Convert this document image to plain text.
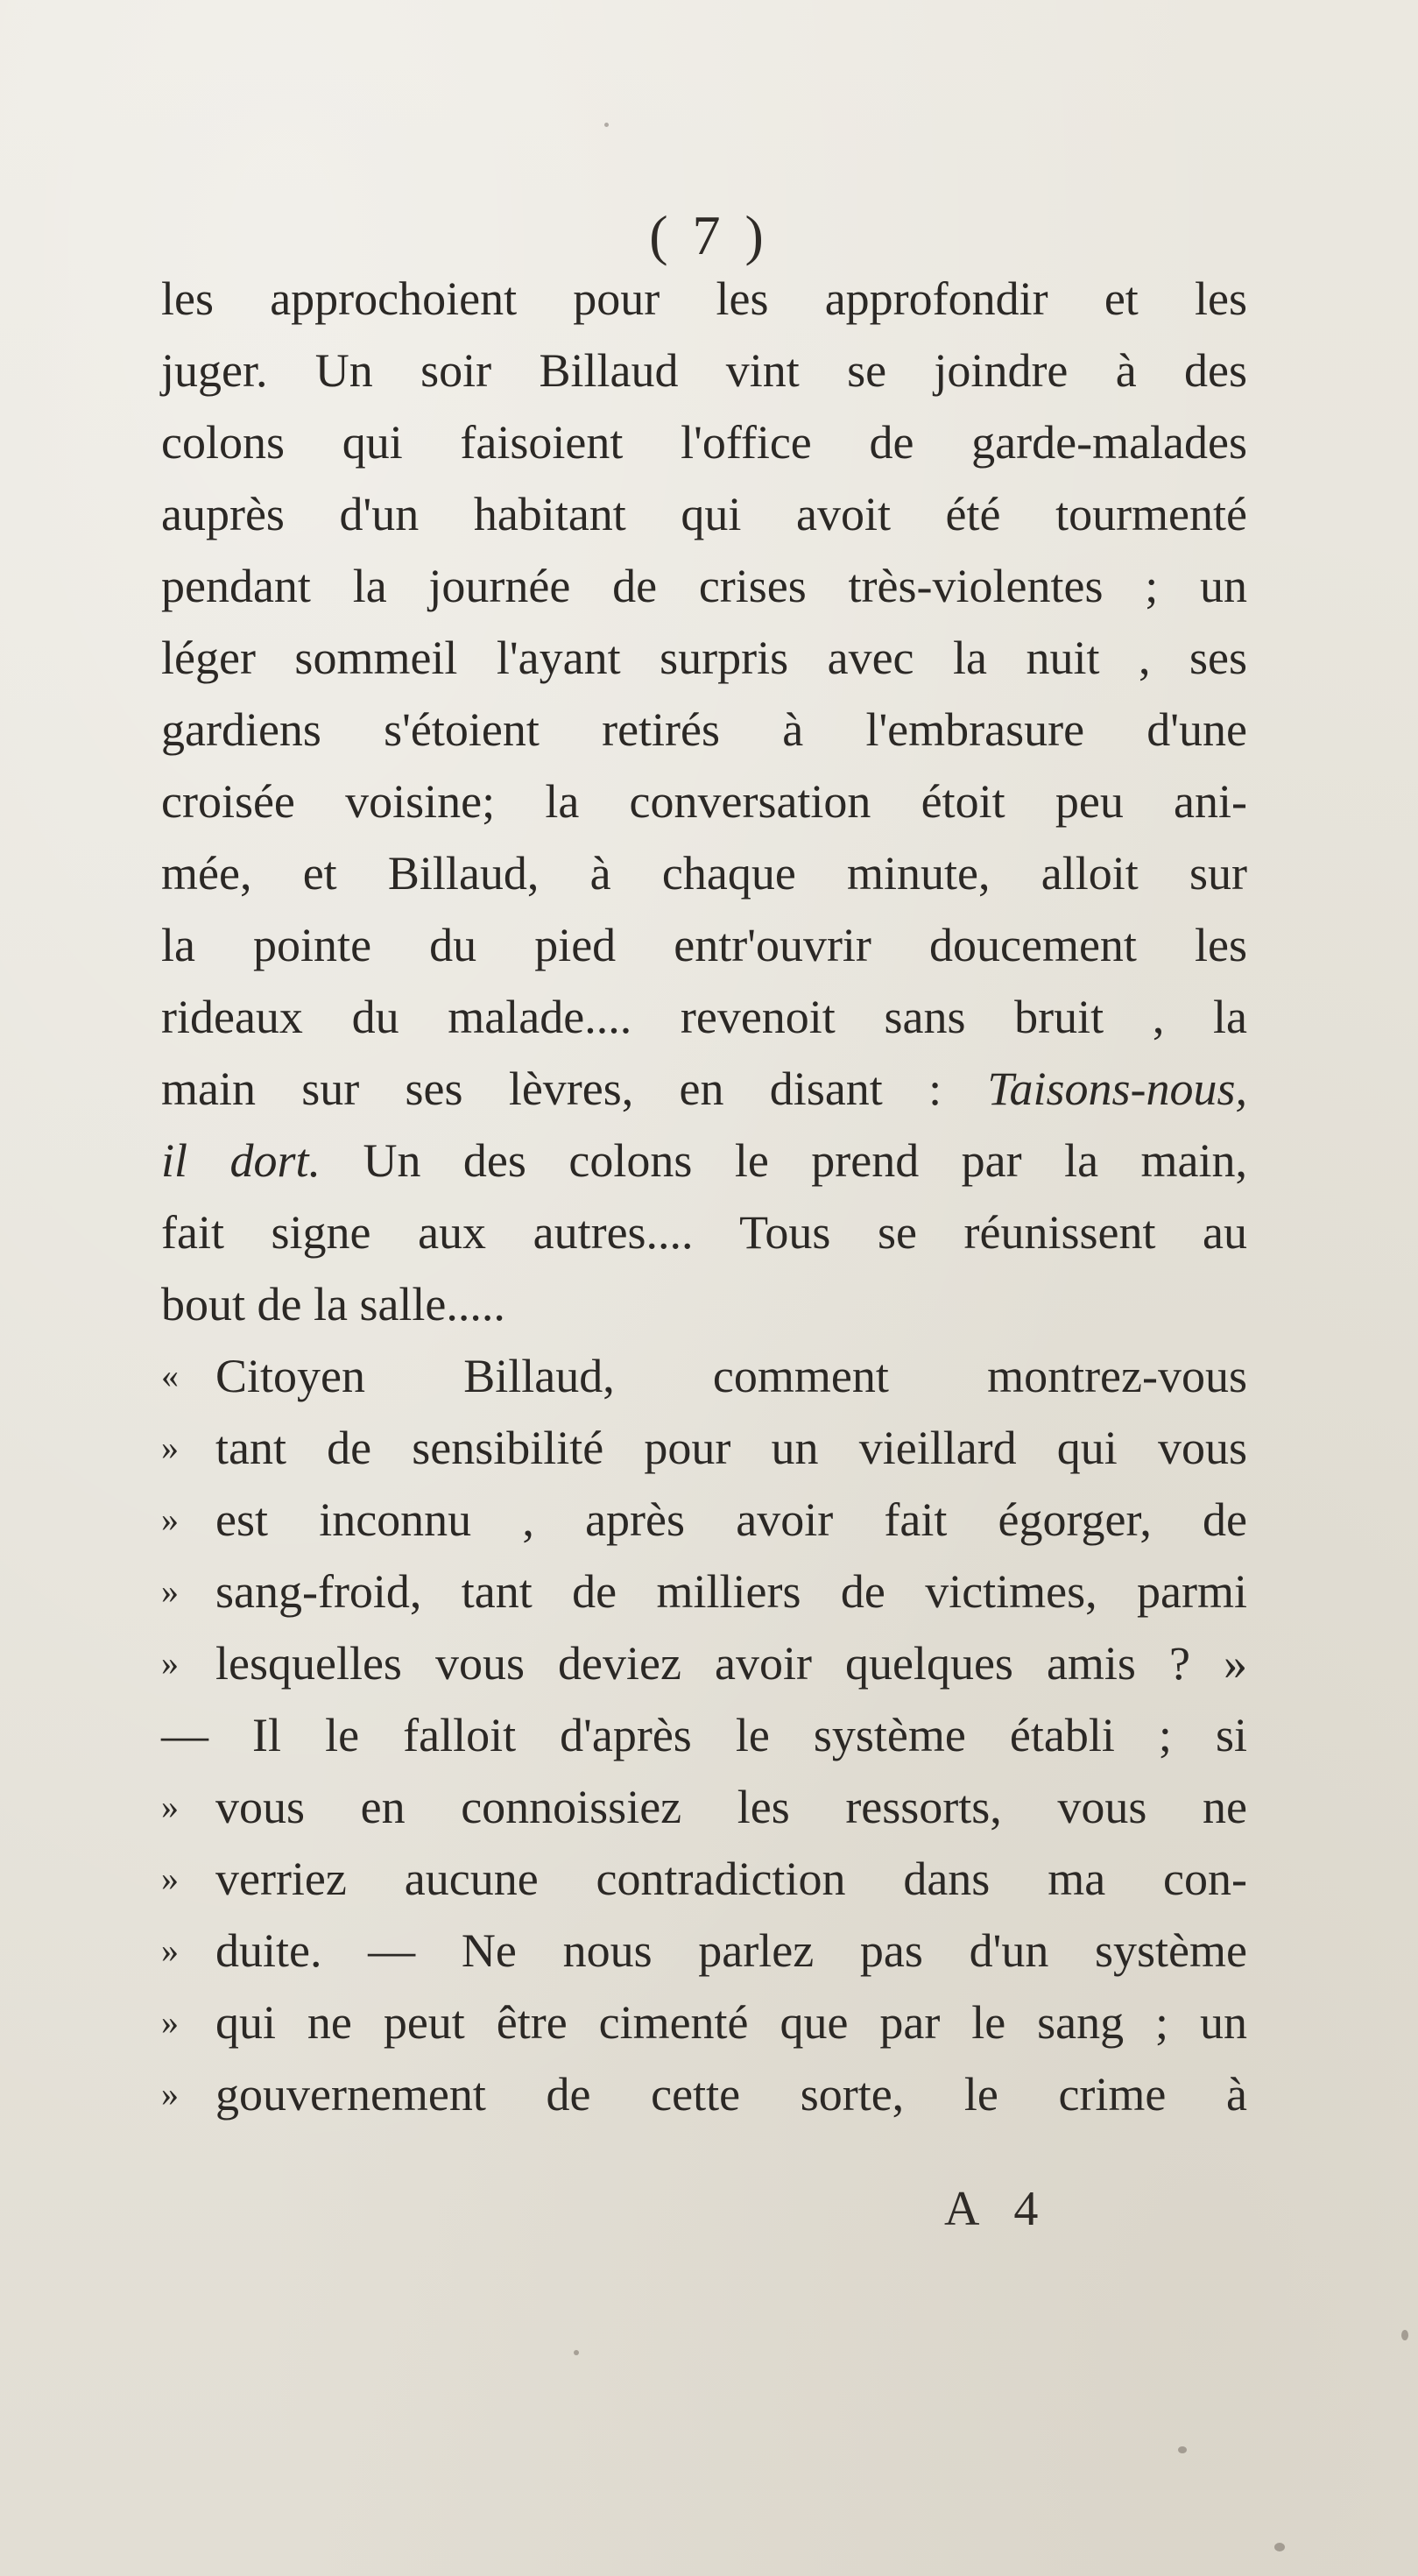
( 7 )
les approchoient pour les approfondir et les
juger. Un soir Billaud vint se joindre à des
colons qui faisoient l'office de garde-malades
auprès d'un habitant qui avoit été tourmenté
pendant la journée de crises très-violentes ; un
léger sommeil l'ayant surpris avec la nuit , ses
gardiens s'étoient retirés à l'embrasure d'une
croisée voisine; la conversation étoit peu ani-
mée, et Billaud, à chaque minute, alloit sur
la pointe du pied entr'ouvrir doucement les
rideaux du malade.... revenoit sans bruit , la
main sur ses lèvres, en disant : Taisons-nous,
il dort. Un des colons le prend par la main,
fait signe aux autres.... Tous se réunissent au
bout de la salle.....
« Citoyen Billaud, comment montrez-vous
» tant de sensibilité pour un vieillard qui vous
» est inconnu , après avoir fait égorger, de
» sang-froid, tant de milliers de victimes, parmi
» lesquelles vous deviez avoir quelques amis ? »
— Il le falloit d'après le système établi ; si
» vous en connoissiez les ressorts, vous ne
» verriez aucune contradiction dans ma con-
» duite. — Ne nous parlez pas d'un système
» qui ne peut être cimenté que par le sang ; un
» gouvernement de cette sorte, le crime à
A 4
